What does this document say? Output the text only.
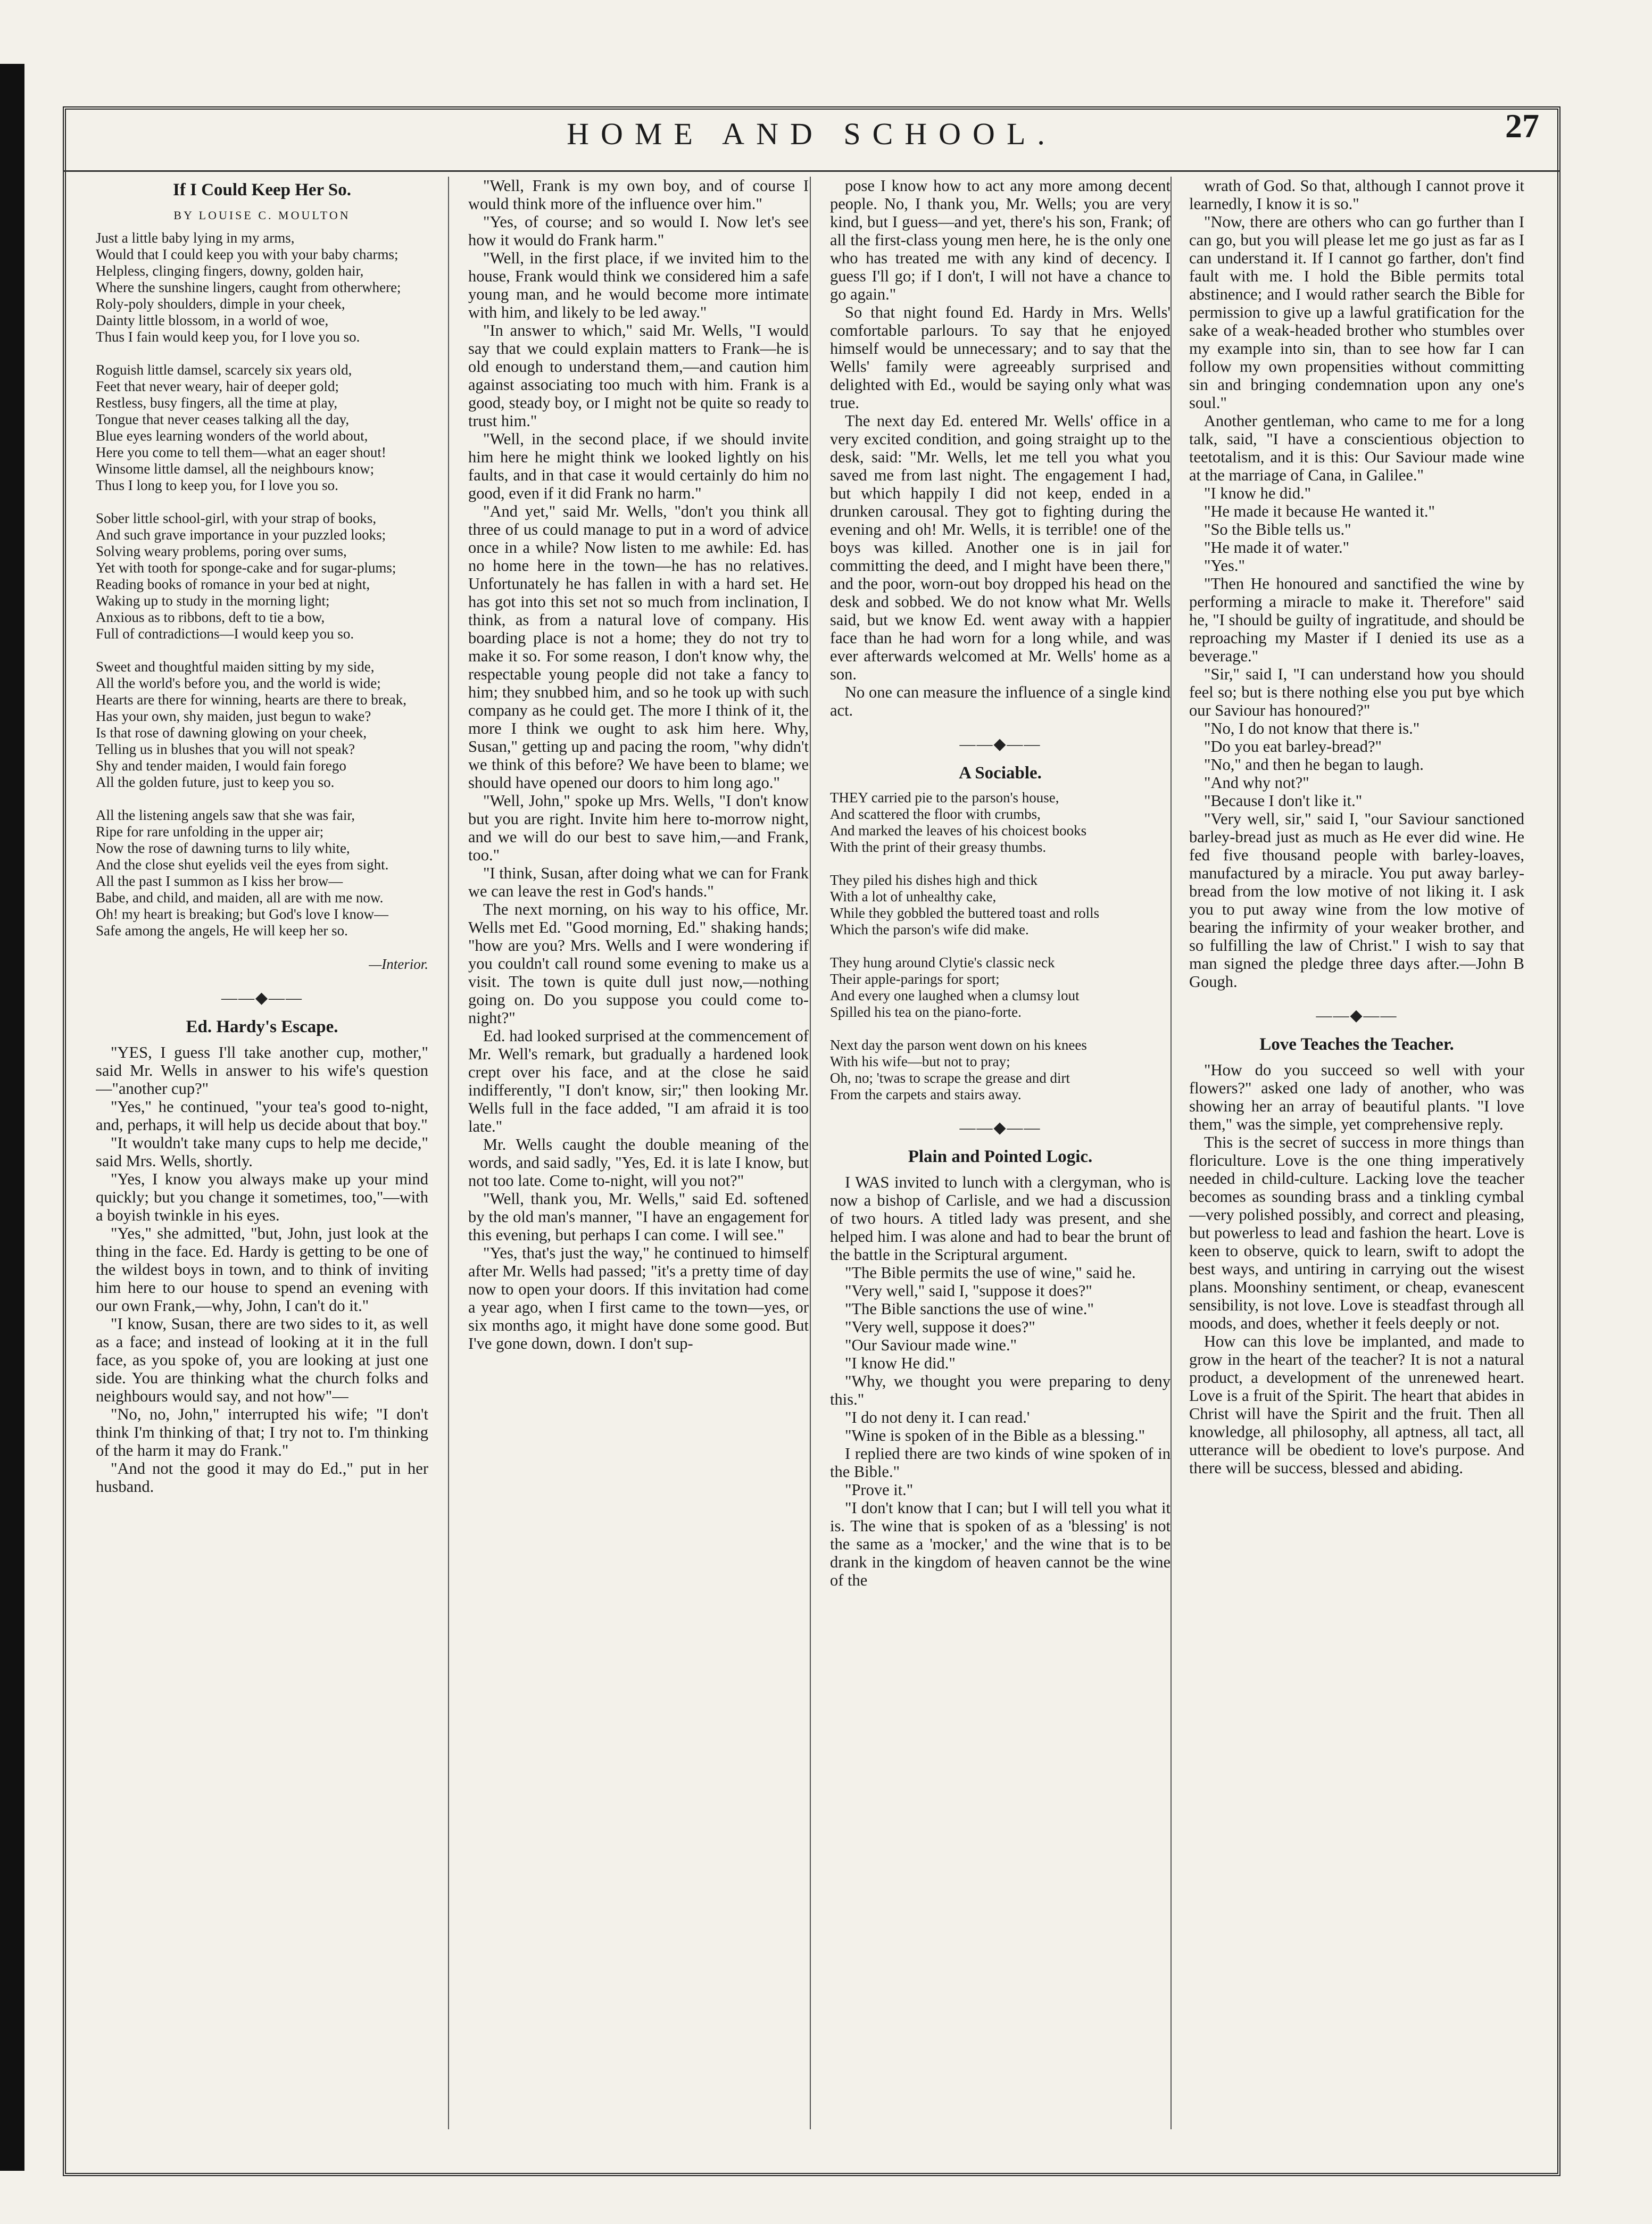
HOME AND SCHOOL.	27
If I Could Keep Her So.
BY LOUISE C. MOULTON
Just a little baby lying in my arms,
Would that I could keep you with your baby charms;
Helpless, clinging fingers, downy, golden hair,
Where the sunshine lingers, caught from otherwhere;
Roly-poly shoulders, dimple in your cheek,
Dainty little blossom, in a world of woe,
Thus I fain would keep you, for I love you so.

Roguish little damsel, scarcely six years old,
Feet that never weary, hair of deeper gold;
Restless, busy fingers, all the time at play,
Tongue that never ceases talking all the day,
Blue eyes learning wonders of the world about,
Here you come to tell them—what an eager shout!
Winsome little damsel, all the neighbours know;
Thus I long to keep you, for I love you so.

Sober little school-girl, with your strap of books,
And such grave importance in your puzzled looks;
Solving weary problems, poring over sums,
Yet with tooth for sponge-cake and for sugar-plums;
Reading books of romance in your bed at night,
Waking up to study in the morning light;
Anxious as to ribbons, deft to tie a bow,
Full of contradictions—I would keep you so.

Sweet and thoughtful maiden sitting by my side,
All the world's before you, and the world is wide;
Hearts are there for winning, hearts are there to break,
Has your own, shy maiden, just begun to wake?
Is that rose of dawning glowing on your cheek,
Telling us in blushes that you will not speak?
Shy and tender maiden, I would fain forego
All the golden future, just to keep you so.

All the listening angels saw that she was fair,
Ripe for rare unfolding in the upper air;
Now the rose of dawning turns to lily white,
And the close shut eyelids veil the eyes from sight.
All the past I summon as I kiss her brow—
Babe, and child, and maiden, all are with me now.
Oh! my heart is breaking; but God's love I know—
Safe among the angels, He will keep her so.
—Interior.
——◆——
Ed. Hardy's Escape.

"YES, I guess I'll take another cup, mother," said Mr. Wells in answer to his wife's question—"another cup?"

"Yes," he continued, "your tea's good to-night, and, perhaps, it will help us decide about that boy."

"It wouldn't take many cups to help me decide," said Mrs. Wells, shortly.

"Yes, I know you always make up your mind quickly; but you change it sometimes, too,"—with a boyish twinkle in his eyes.

"Yes," she admitted, "but, John, just look at the thing in the face. Ed. Hardy is getting to be one of the wildest boys in town, and to think of inviting him here to our house to spend an evening with our own Frank,—why, John, I can't do it."

"I know, Susan, there are two sides to it, as well as a face; and instead of looking at it in the full face, as you spoke of, you are looking at just one side. You are thinking what the church folks and neighbours would say, and not how"—

"No, no, John," interrupted his wife; "I don't think I'm thinking of that; I try not to. I'm thinking of the harm it may do Frank."

"And not the good it may do Ed.," put in her husband.

"Well, Frank is my own boy, and of course I would think more of the influence over him."

"Yes, of course; and so would I. Now let's see how it would do Frank harm."

"Well, in the first place, if we invited him to the house, Frank would think we considered him a safe young man, and he would become more intimate with him, and likely to be led away."

"In answer to which," said Mr. Wells, "I would say that we could explain matters to Frank—he is old enough to understand them,—and caution him against associating too much with him. Frank is a good, steady boy, or I might not be quite so ready to trust him."

"Well, in the second place, if we should invite him here he might think we looked lightly on his faults, and in that case it would certainly do him no good, even if it did Frank no harm."

"And yet," said Mr. Wells, "don't you think all three of us could manage to put in a word of advice once in a while? Now listen to me awhile: Ed. has no home here in the town—he has no relatives. Unfortunately he has fallen in with a hard set. He has got into this set not so much from inclination, I think, as from a natural love of company. His boarding place is not a home; they do not try to make it so. For some reason, I don't know why, the respectable young people did not take a fancy to him; they snubbed him, and so he took up with such company as he could get. The more I think of it, the more I think we ought to ask him here. Why, Susan," getting up and pacing the room, "why didn't we think of this before? We have been to blame; we should have opened our doors to him long ago."

"Well, John," spoke up Mrs. Wells, "I don't know but you are right. Invite him here to-morrow night, and we will do our best to save him,—and Frank, too."

"I think, Susan, after doing what we can for Frank we can leave the rest in God's hands."

The next morning, on his way to his office, Mr. Wells met Ed. "Good morning, Ed." shaking hands; "how are you? Mrs. Wells and I were wondering if you couldn't call round some evening to make us a visit. The town is quite dull just now,—nothing going on. Do you suppose you could come to-night?"

Ed. had looked surprised at the commencement of Mr. Well's remark, but gradually a hardened look crept over his face, and at the close he said indifferently, "I don't know, sir;" then looking Mr. Wells full in the face added, "I am afraid it is too late."

Mr. Wells caught the double meaning of the words, and said sadly, "Yes, Ed. it is late I know, but not too late. Come to-night, will you not?"

"Well, thank you, Mr. Wells," said Ed. softened by the old man's manner, "I have an engagement for this evening, but perhaps I can come. I will see."

"Yes, that's just the way," he continued to himself after Mr. Wells had passed; "it's a pretty time of day now to open your doors. If this invitation had come a year ago, when I first came to the town—yes, or six months ago, it might have done some good. But I've gone down, down. I don't sup-

pose I know how to act any more among decent people. No, I thank you, Mr. Wells; you are very kind, but I guess—and yet, there's his son, Frank; of all the first-class young men here, he is the only one who has treated me with any kind of decency. I guess I'll go; if I don't, I will not have a chance to go again."

So that night found Ed. Hardy in Mrs. Wells' comfortable parlours. To say that he enjoyed himself would be unnecessary; and to say that the Wells' family were agreeably surprised and delighted with Ed., would be saying only what was true.

The next day Ed. entered Mr. Wells' office in a very excited condition, and going straight up to the desk, said: "Mr. Wells, let me tell you what you saved me from last night. The engagement I had, but which happily I did not keep, ended in a drunken carousal. They got to fighting during the evening and oh! Mr. Wells, it is terrible! one of the boys was killed. Another one is in jail for committing the deed, and I might have been there," and the poor, worn-out boy dropped his head on the desk and sobbed. We do not know what Mr. Wells said, but we know Ed. went away with a happier face than he had worn for a long while, and was ever afterwards welcomed at Mr. Wells' home as a son.

No one can measure the influence of a single kind act.

——◆——
A Sociable.
THEY carried pie to the parson's house,
And scattered the floor with crumbs,
And marked the leaves of his choicest books
With the print of their greasy thumbs.

They piled his dishes high and thick
With a lot of unhealthy cake,
While they gobbled the buttered toast and rolls
Which the parson's wife did make.

They hung around Clytie's classic neck
Their apple-parings for sport;
And every one laughed when a clumsy lout
Spilled his tea on the piano-forte.

Next day the parson went down on his knees
With his wife—but not to pray;
Oh, no; 'twas to scrape the grease and dirt
From the carpets and stairs away.
——◆——
Plain and Pointed Logic.

I WAS invited to lunch with a clergyman, who is now a bishop of Carlisle, and we had a discussion of two hours. A titled lady was present, and she helped him. I was alone and had to bear the brunt of the battle in the Scriptural argument.

"The Bible permits the use of wine," said he.

"Very well," said I, "suppose it does?"

"The Bible sanctions the use of wine."

"Very well, suppose it does?"

"Our Saviour made wine."

"I know He did."

"Why, we thought you were preparing to deny this."

"I do not deny it. I can read.'

"Wine is spoken of in the Bible as a blessing."

I replied there are two kinds of wine spoken of in the Bible."

"Prove it."

"I don't know that I can; but I will tell you what it is. The wine that is spoken of as a 'blessing' is not the same as a 'mocker,' and the wine that is to be drank in the kingdom of heaven cannot be the wine of the

wrath of God. So that, although I cannot prove it learnedly, I know it is so."

"Now, there are others who can go further than I can go, but you will please let me go just as far as I can understand it. If I cannot go farther, don't find fault with me. I hold the Bible permits total abstinence; and I would rather search the Bible for permission to give up a lawful gratification for the sake of a weak-headed brother who stumbles over my example into sin, than to see how far I can follow my own propensities without committing sin and bringing condemnation upon any one's soul."

Another gentleman, who came to me for a long talk, said, "I have a conscientious objection to teetotalism, and it is this: Our Saviour made wine at the marriage of Cana, in Galilee."

"I know he did."

"He made it because He wanted it."

"So the Bible tells us."

"He made it of water."

"Yes."

"Then He honoured and sanctified the wine by performing a miracle to make it. Therefore" said he, "I should be guilty of ingratitude, and should be reproaching my Master if I denied its use as a beverage."

"Sir," said I, "I can understand how you should feel so; but is there nothing else you put bye which our Saviour has honoured?"

"No, I do not know that there is."

"Do you eat barley-bread?"

"No," and then he began to laugh.

"And why not?"

"Because I don't like it."

"Very well, sir," said I, "our Saviour sanctioned barley-bread just as much as He ever did wine. He fed five thousand people with barley-loaves, manufactured by a miracle. You put away barley-bread from the low motive of not liking it. I ask you to put away wine from the low motive of bearing the infirmity of your weaker brother, and so fulfilling the law of Christ." I wish to say that man signed the pledge three days after.—John B Gough.

——◆——
Love Teaches the Teacher.

"How do you succeed so well with your flowers?" asked one lady of another, who was showing her an array of beautiful plants. "I love them," was the simple, yet comprehensive reply.

This is the secret of success in more things than floriculture. Love is the one thing imperatively needed in child-culture. Lacking love the teacher becomes as sounding brass and a tinkling cymbal—very polished possibly, and correct and pleasing, but powerless to lead and fashion the heart. Love is keen to observe, quick to learn, swift to adopt the best ways, and untiring in carrying out the wisest plans. Moonshiny sentiment, or cheap, evanescent sensibility, is not love. Love is steadfast through all moods, and does, whether it feels deeply or not.

How can this love be implanted, and made to grow in the heart of the teacher? It is not a natural product, a development of the unrenewed heart. Love is a fruit of the Spirit. The heart that abides in Christ will have the Spirit and the fruit. Then all knowledge, all philosophy, all aptness, all tact, all utterance will be obedient to love's purpose. And there will be success, blessed and abiding.
